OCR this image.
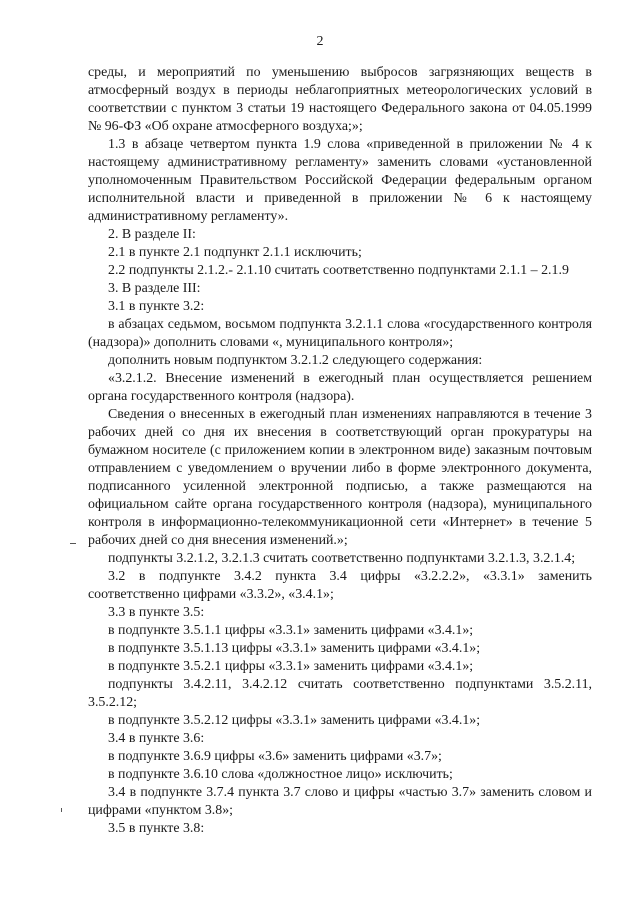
2

среды, и мероприятий по уменьшению выбросов загрязняющих веществ в атмосферный воздух в периоды неблагоприятных метеорологических условий в соответствии с пунктом 3 статьи 19 настоящего Федерального закона от 04.05.1999 № 96-ФЗ «Об охране атмосферного воздуха;»;

1.3 в абзаце четвертом пункта 1.9 слова «приведенной в приложении № 4 к настоящему административному регламенту» заменить словами «установленной уполномоченным Правительством Российской Федерации федеральным органом исполнительной власти и приведенной в приложении № 6 к настоящему административному регламенту».

2. В разделе II:

2.1 в пункте 2.1 подпункт 2.1.1 исключить;

2.2 подпункты 2.1.2.- 2.1.10 считать соответственно подпунктами 2.1.1 – 2.1.9

3. В разделе III:

3.1 в пункте 3.2:

в абзацах седьмом, восьмом подпункта 3.2.1.1 слова «государственного контроля (надзора)» дополнить словами «, муниципального контроля»;

дополнить новым подпунктом 3.2.1.2 следующего содержания:

«3.2.1.2. Внесение изменений в ежегодный план осуществляется решением органа государственного контроля (надзора).

Сведения о внесенных в ежегодный план изменениях направляются в течение 3 рабочих дней со дня их внесения в соответствующий орган прокуратуры на бумажном носителе (с приложением копии в электронном виде) заказным почтовым отправлением с уведомлением о вручении либо в форме электронного документа, подписанного усиленной электронной подписью, а также размещаются на официальном сайте органа государственного контроля (надзора), муниципального контроля в информационно-телекоммуникационной сети «Интернет» в течение 5 рабочих дней со дня внесения изменений.»;

подпункты 3.2.1.2, 3.2.1.3 считать соответственно подпунктами 3.2.1.3, 3.2.1.4;

3.2 в подпункте 3.4.2 пункта 3.4 цифры «3.2.2.2», «3.3.1» заменить соответственно цифрами «3.3.2», «3.4.1»;

3.3 в пункте 3.5:

в подпункте 3.5.1.1 цифры «3.3.1» заменить цифрами «3.4.1»;

в подпункте 3.5.1.13 цифры «3.3.1» заменить цифрами «3.4.1»;

в подпункте 3.5.2.1 цифры «3.3.1» заменить цифрами «3.4.1»;

подпункты 3.4.2.11, 3.4.2.12 считать соответственно подпунктами 3.5.2.11, 3.5.2.12;

в подпункте 3.5.2.12 цифры «3.3.1» заменить цифрами «3.4.1»;

3.4 в пункте 3.6:

в подпункте 3.6.9 цифры «3.6» заменить цифрами «3.7»;

в подпункте 3.6.10 слова «должностное лицо» исключить;

3.4 в подпункте 3.7.4 пункта 3.7 слово и цифры «частью 3.7» заменить словом и цифрами «пунктом 3.8»;

3.5 в пункте 3.8:
